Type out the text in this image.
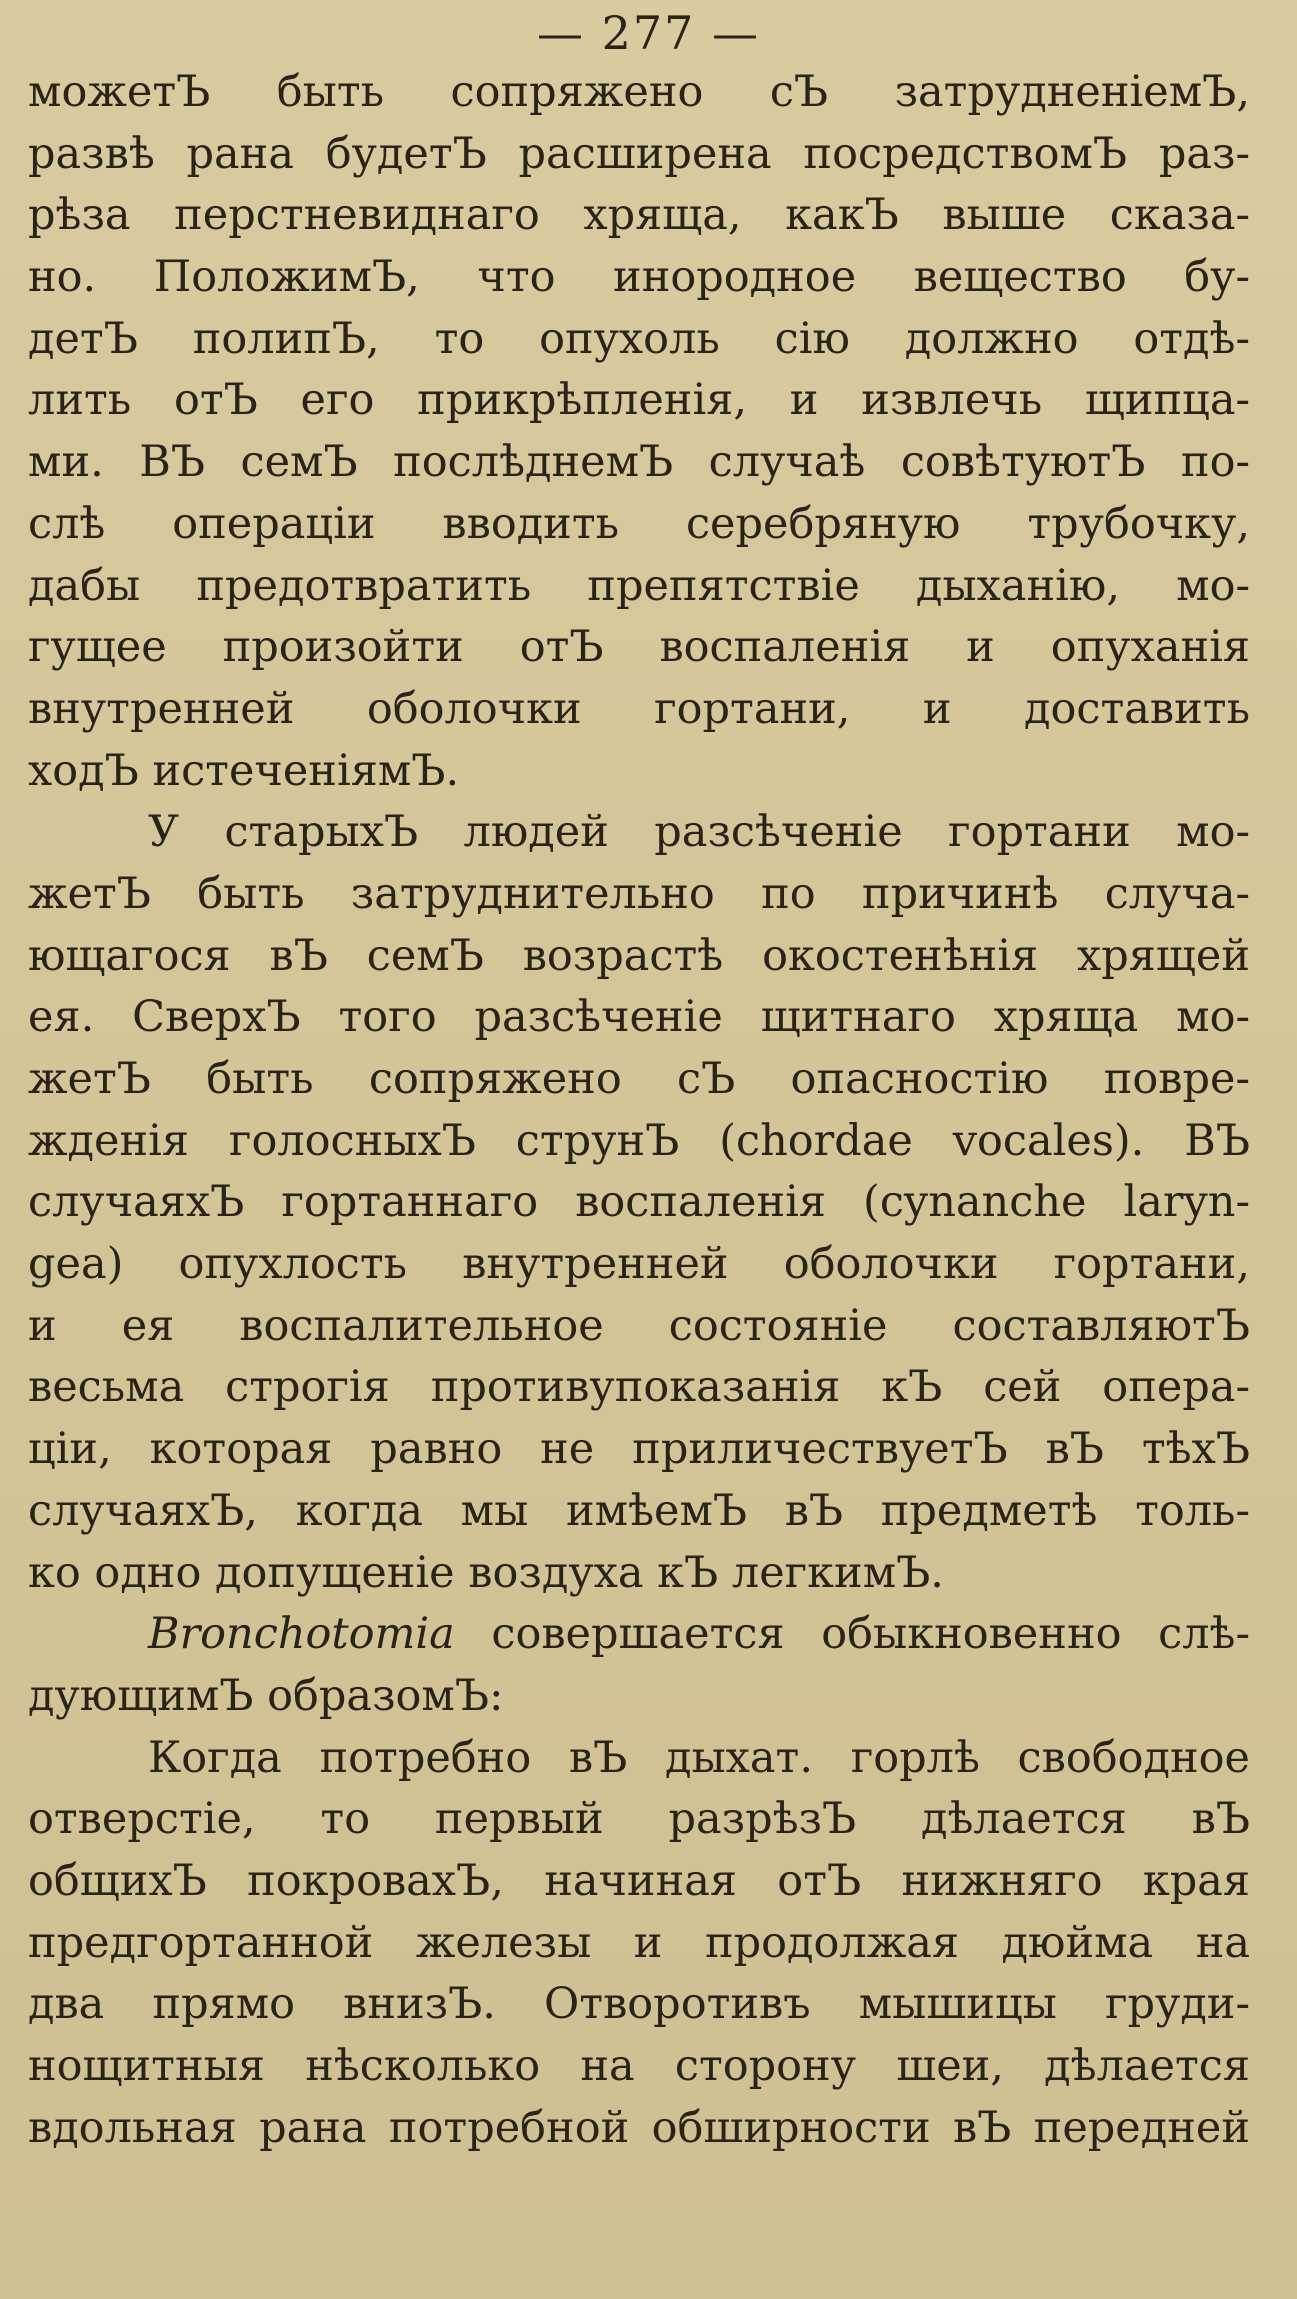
— 277 —
можетЪ быть сопряжено сЪ затрудненіемЪ,
развѣ рана будетЪ расширена посредствомЪ раз-
рѣза перстневиднаго хряща, какЪ выше сказа-
но. ПоложимЪ, что инородное вещество бу-
детЪ полипЪ, то опухоль сію должно отдѣ-
лить отЪ его прикрѣпленія, и извлечь щипца-
ми. ВЪ семЪ послѣднемЪ случаѣ совѣтуютЪ по-
слѣ операціи вводить серебряную трубочку,
дабы предотвратить препятствіе дыханію, мо-
гущее произойти отЪ воспаленія и опуханія
внутренней оболочки гортани, и доставить
ходЪ истеченіямЪ.
У старыхЪ людей разсѣченіе гортани мо-
жетЪ быть затруднительно по причинѣ случа-
ющагося вЪ семЪ возрастѣ окостенѣнія хрящей
ея. СверхЪ того разсѣченіе щитнаго хряща мо-
жетЪ быть сопряжено сЪ опасностію повре-
жденія голосныхЪ струнЪ (chordae vocales). ВЪ
случаяхЪ гортаннаго воспаленія (cynanche laryn-
gea) опухлость внутренней оболочки гортани,
и ея воспалительное состояніе составляютЪ
весьма строгія противупоказанія кЪ сей опера-
ціи, которая равно не приличествуетЪ вЪ тѣхЪ
случаяхЪ, когда мы имѣемЪ вЪ предметѣ толь-
ко одно допущеніе воздуха кЪ легкимЪ.
Bronchotomia совершается обыкновенно слѣ-
дующимЪ образомЪ:
Когда потребно вЪ дыхат. горлѣ свободное
отверстіе, то первый разрѣзЪ дѣлается вЪ
общихЪ покровахЪ, начиная отЪ нижняго края
предгортанной железы и продолжая дюйма на
два прямо внизЪ. Отворотивъ мышицы груди-
нощитныя нѣсколько на сторону шеи, дѣлается
вдольная рана потребной обширности вЪ передней
